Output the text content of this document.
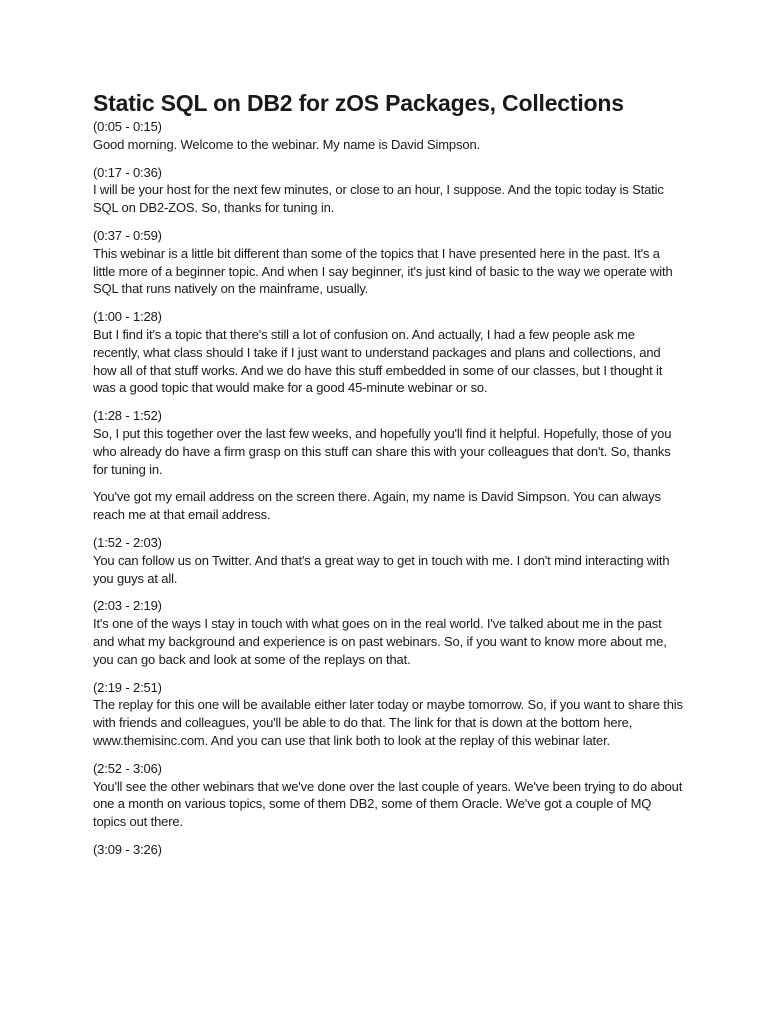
Static SQL on DB2 for zOS Packages, Collections
(0:05 - 0:15)
Good morning. Welcome to the webinar. My name is David Simpson.
(0:17 - 0:36)
I will be your host for the next few minutes, or close to an hour, I suppose. And the topic today is Static SQL on DB2-ZOS. So, thanks for tuning in.
(0:37 - 0:59)
This webinar is a little bit different than some of the topics that I have presented here in the past. It's a little more of a beginner topic. And when I say beginner, it's just kind of basic to the way we operate with SQL that runs natively on the mainframe, usually.
(1:00 - 1:28)
But I find it's a topic that there's still a lot of confusion on. And actually, I had a few people ask me recently, what class should I take if I just want to understand packages and plans and collections, and how all of that stuff works. And we do have this stuff embedded in some of our classes, but I thought it was a good topic that would make for a good 45-minute webinar or so.
(1:28 - 1:52)
So, I put this together over the last few weeks, and hopefully you'll find it helpful. Hopefully, those of you who already do have a firm grasp on this stuff can share this with your colleagues that don't. So, thanks for tuning in.
You've got my email address on the screen there. Again, my name is David Simpson. You can always reach me at that email address.
(1:52 - 2:03)
You can follow us on Twitter. And that's a great way to get in touch with me. I don't mind interacting with you guys at all.
(2:03 - 2:19)
It's one of the ways I stay in touch with what goes on in the real world. I've talked about me in the past and what my background and experience is on past webinars. So, if you want to know more about me, you can go back and look at some of the replays on that.
(2:19 - 2:51)
The replay for this one will be available either later today or maybe tomorrow. So, if you want to share this with friends and colleagues, you'll be able to do that. The link for that is down at the bottom here, www.themisinc.com. And you can use that link both to look at the replay of this webinar later.
(2:52 - 3:06)
You'll see the other webinars that we've done over the last couple of years. We've been trying to do about one a month on various topics, some of them DB2, some of them Oracle. We've got a couple of MQ topics out there.
(3:09 - 3:26)
